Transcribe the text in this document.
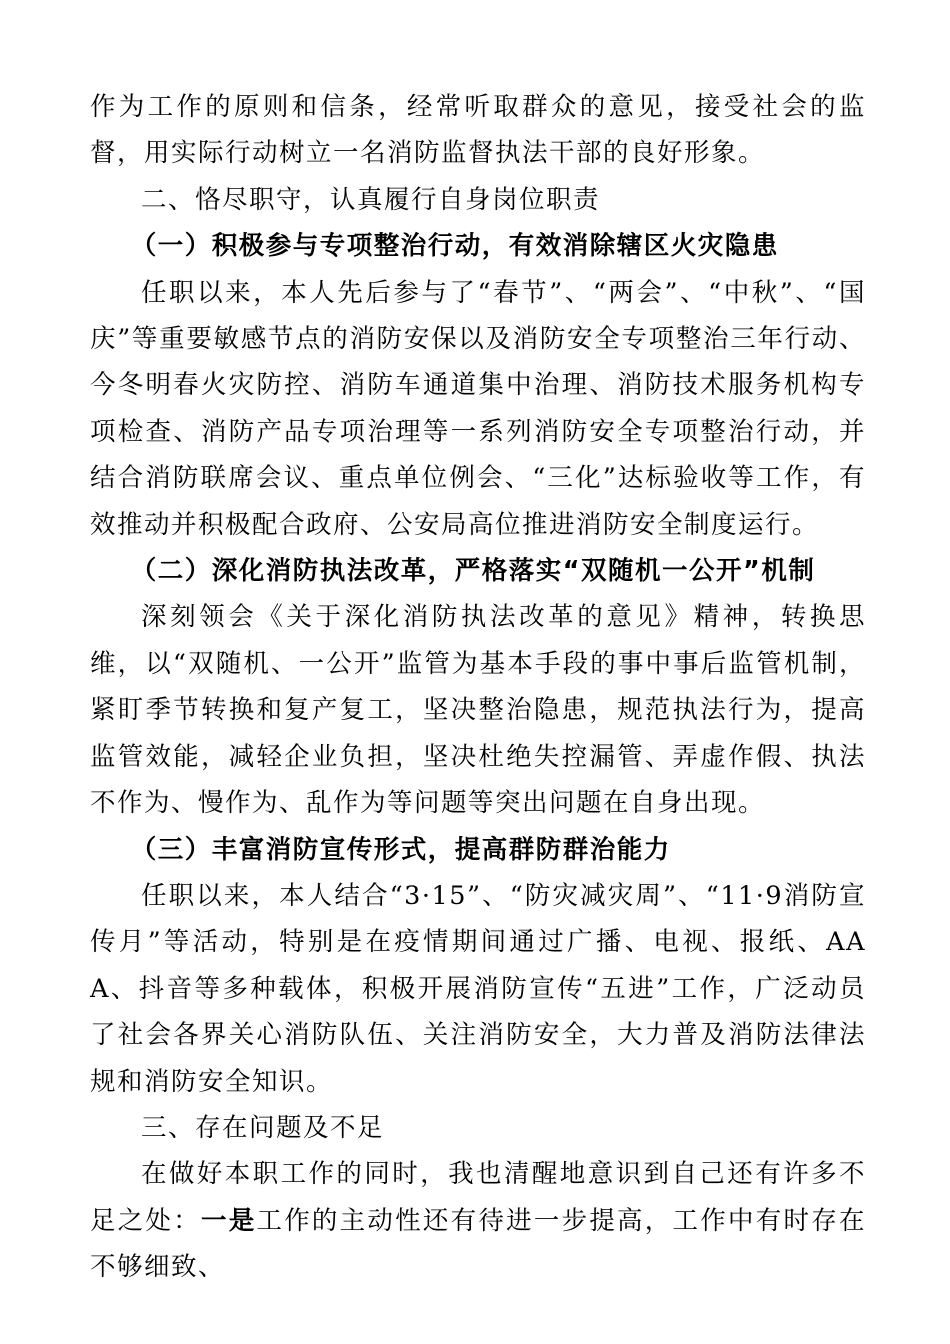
作为工作的原则和信条，经常听取群众的意见，接受社会的监督，用实际行动树立一名消防监督执法干部的良好形象。

二、恪尽职守，认真履行自身岗位职责

（一）积极参与专项整治行动，有效消除辖区火灾隐患

任职以来，本人先后参与了“春节”、“两会”、“中秋”、“国庆”等重要敏感节点的消防安保以及消防安全专项整治三年行动、今冬明春火灾防控、消防车通道集中治理、消防技术服务机构专项检查、消防产品专项治理等一系列消防安全专项整治行动，并结合消防联席会议、重点单位例会、“三化”达标验收等工作，有效推动并积极配合政府、公安局高位推进消防安全制度运行。

（二）深化消防执法改革，严格落实“双随机一公开”机制

深刻领会《关于深化消防执法改革的意见》精神，转换思维，以“双随机、一公开”监管为基本手段的事中事后监管机制，紧盯季节转换和复产复工，坚决整治隐患，规范执法行为，提高监管效能，减轻企业负担，坚决杜绝失控漏管、弄虚作假、执法不作为、慢作为、乱作为等问题等突出问题在自身出现。

（三）丰富消防宣传形式，提高群防群治能力

任职以来，本人结合“3·15”、“防灾减灾周”、“11·9消防宣传月”等活动，特别是在疫情期间通过广播、电视、报纸、AAA、抖音等多种载体，积极开展消防宣传“五进”工作，广泛动员了社会各界关心消防队伍、关注消防安全，大力普及消防法律法规和消防安全知识。

三、存在问题及不足

在做好本职工作的同时，我也清醒地意识到自己还有许多不足之处：一是工作的主动性还有待进一步提高，工作中有时存在不够细致、
